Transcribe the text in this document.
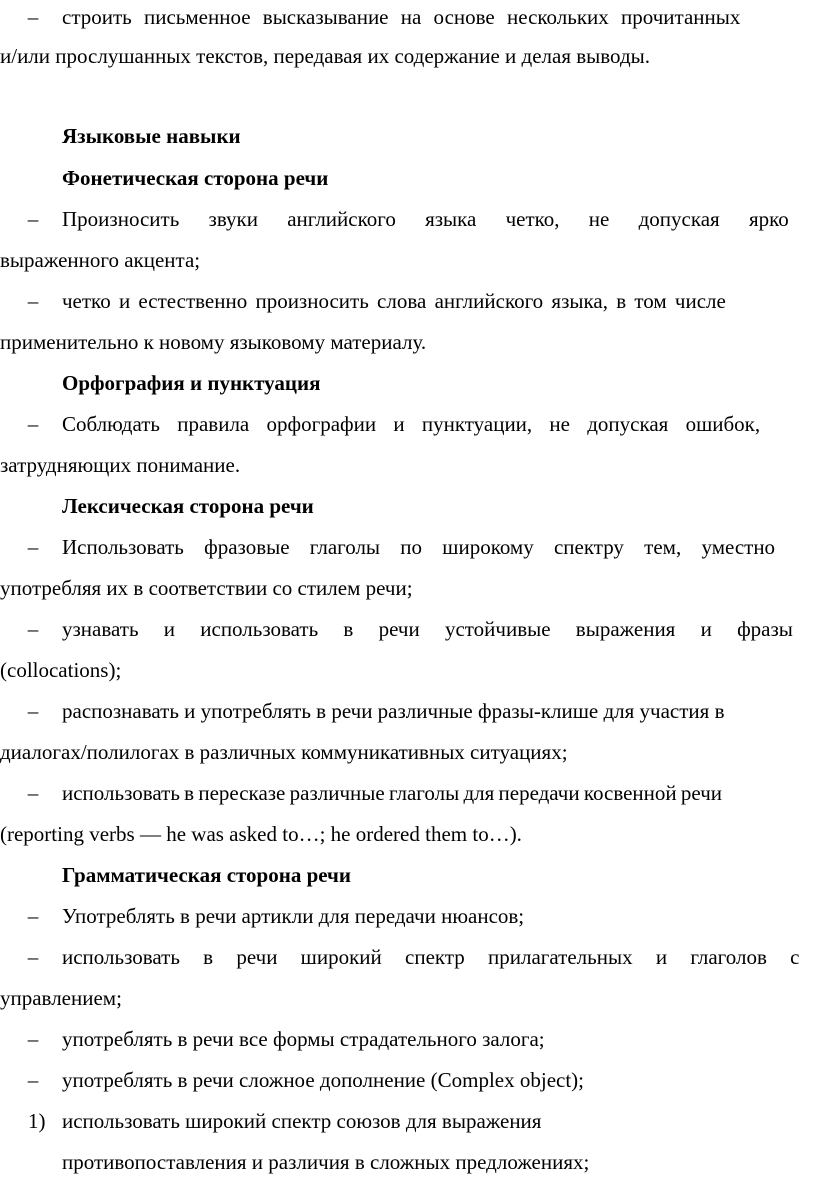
– строить письменное высказывание на основе нескольких прочитанных
и/или прослушанных текстов, передавая их содержание и делая выводы.
Языковые навыки
Фонетическая сторона речи
– Произносить звуки английского языка четко, не допуская ярко
выраженного акцента;
– четко и естественно произносить слова английского языка, в том числе
применительно к новому языковому материалу.
Орфография и пунктуация
– Соблюдать правила орфографии и пунктуации, не допуская ошибок,
затрудняющих понимание.
Лексическая сторона речи
– Использовать фразовые глаголы по широкому спектру тем, уместно
употребляя их в соответствии со стилем речи;
– узнавать и использовать в речи устойчивые выражения и фразы
(collocations);
– распознавать и употреблять в речи различные фразы-клише для участия в
диалогах/полилогах в различных коммуникативных ситуациях;
– использовать в пересказе различные глаголы для передачи косвенной речи
(reporting verbs — he was asked to…; he ordered them to…).
Грамматическая сторона речи
– Употреблять в речи артикли для передачи нюансов;
– использовать в речи широкий спектр прилагательных и глаголов с
управлением;
– употреблять в речи все формы страдательного залога;
– употреблять в речи сложное дополнение (Complex object);
1) использовать широкий спектр союзов для выражения
противопоставления и различия в сложных предложениях;
